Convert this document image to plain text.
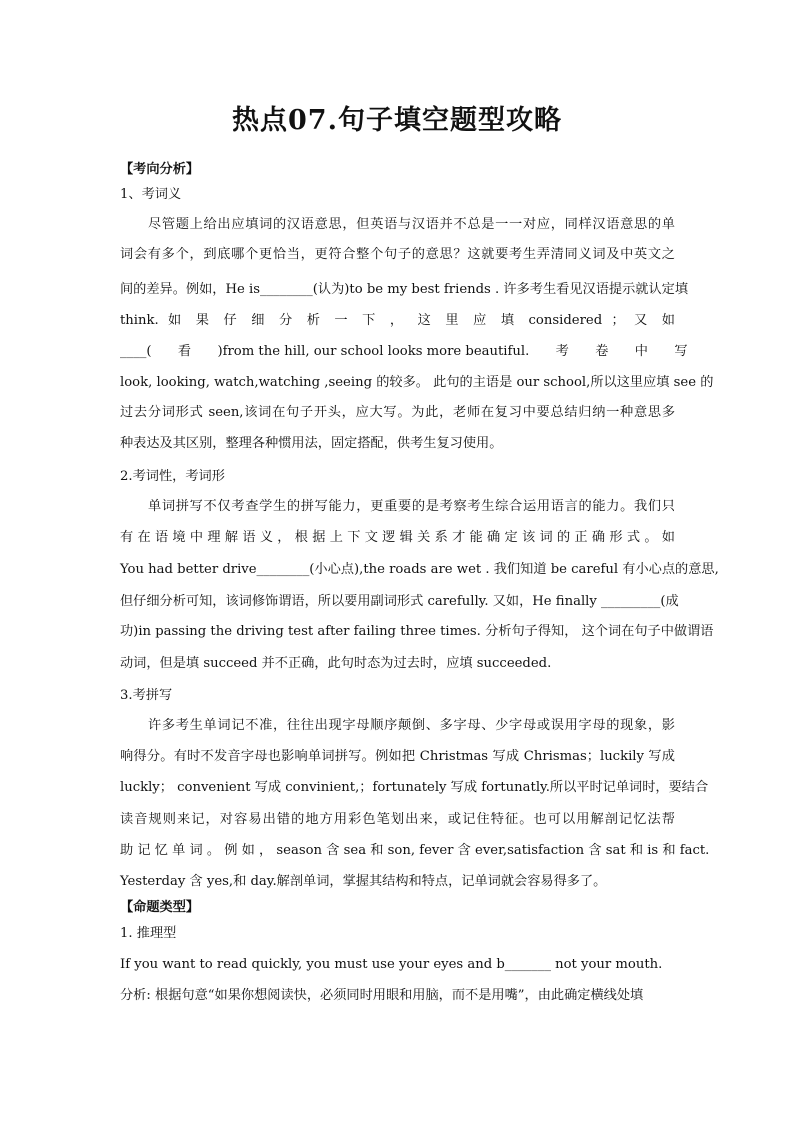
热点07.句子填空题型攻略
【考向分析】
1、考词义
尽管题上给出应填词的汉语意思，但英语与汉语并不总是一一对应，同样汉语意思的单
词会有多个，到底哪个更恰当，更符合整个句子的意思？这就要考生弄清同义词及中英文之
间的差异。例如，He is________(认为)to be my best friends . 许多考生看见汉语提示就认定填
think. 如 果 仔 细 分 析 一 下 ， 这 里 应 填 considered ； 又 如
____(　　看　　)from the hill, our school looks more beautiful.　　考　　卷　　中　　写
look, looking, watch,watching ,seeing 的较多。 此句的主语是 our school,所以这里应填 see 的
过去分词形式 seen,该词在句子开头，应大写。为此，老师在复习中要总结归纳一种意思多
种表达及其区别，整理各种惯用法，固定搭配，供考生复习使用。
2.考词性，考词形
单词拼写不仅考查学生的拼写能力，更重要的是考察考生综合运用语言的能力。我们只
有在语境中理解语义，根据上下文逻辑关系才能确定该词的正确形式。如
You had better drive________(小心点),the roads are wet . 我们知道 be careful 有小心点的意思,
但仔细分析可知，该词修饰谓语，所以要用副词形式 carefully. 又如，He finally _________(成
功)in passing the driving test after failing three times. 分析句子得知， 这个词在句子中做谓语
动词，但是填 succeed 并不正确，此句时态为过去时，应填 succeeded.
3.考拼写
许多考生单词记不准，往往出现字母顺序颠倒、多字母、少字母或误用字母的现象，影
响得分。有时不发音字母也影响单词拼写。例如把 Christmas 写成 Chrismas；luckily 写成
luckly； convenient 写成 convinient,；fortunately 写成 fortunatly.所以平时记单词时，要结合
读音规则来记，对容易出错的地方用彩色笔划出来，或记住特征。也可以用解剖记忆法帮
助 记 忆 单 词 。 例 如 ， season 含 sea 和 son, fever 含 ever,satisfaction 含 sat 和 is 和 fact.
Yesterday 含 yes,和 day.解剖单词，掌握其结构和特点，记单词就会容易得多了。
【命题类型】
1. 推理型
If you want to read quickly, you must use your eyes and b_______ not your mouth.
分析: 根据句意“如果你想阅读快，必须同时用眼和用脑，而不是用嘴”，由此确定横线处填
